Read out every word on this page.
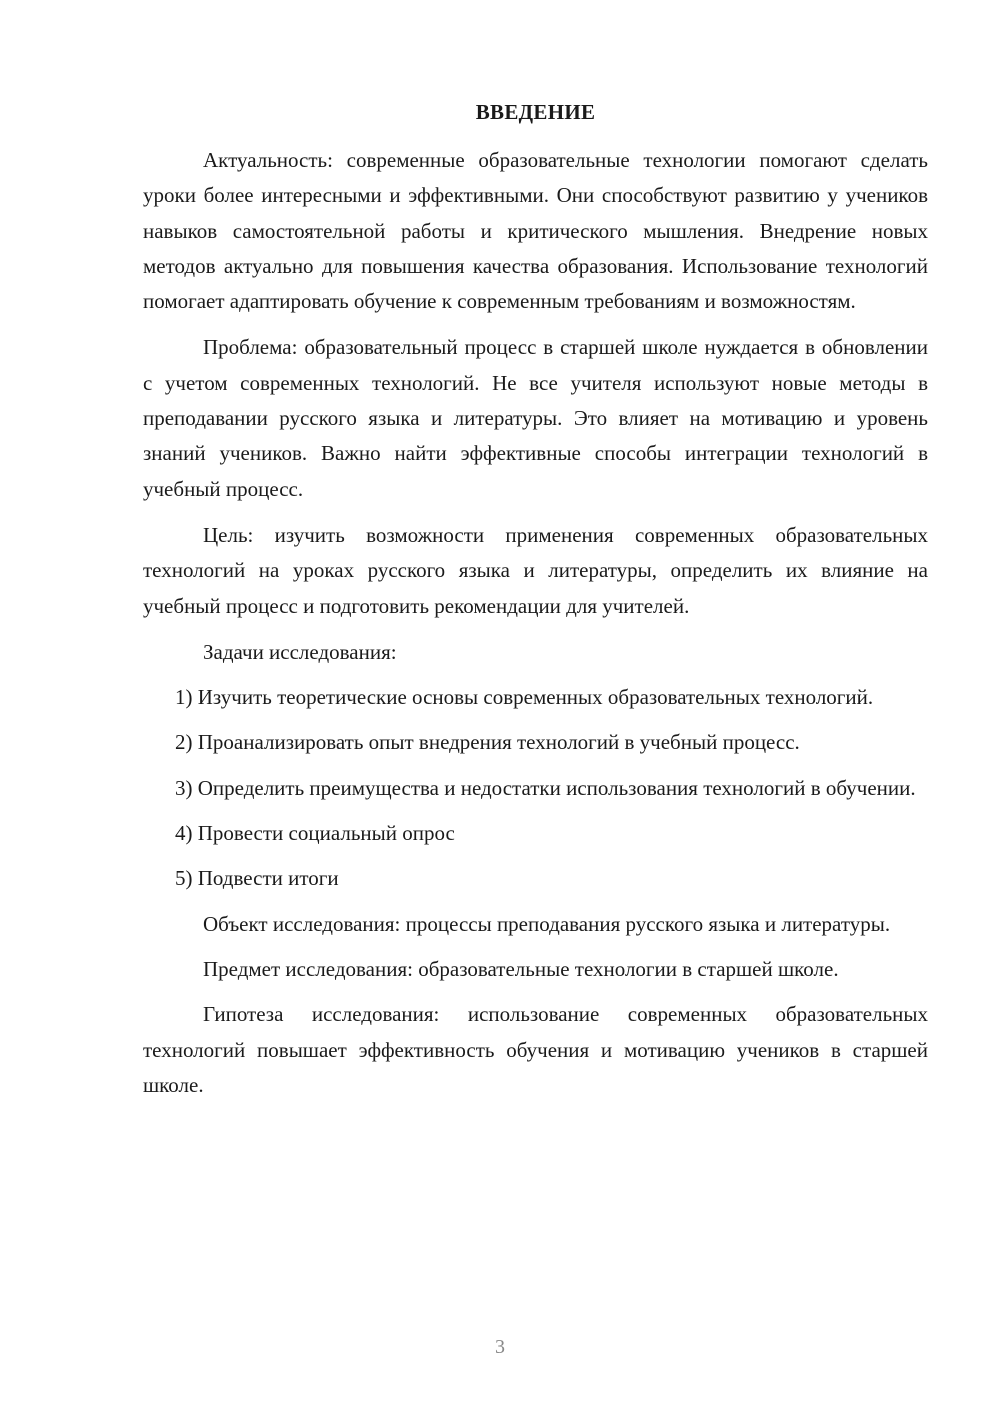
ВВЕДЕНИЕ

Актуальность: современные образовательные технологии помогают сделать уроки более интересными и эффективными. Они способствуют развитию у учеников навыков самостоятельной работы и критического мышления. Внедрение новых методов актуально для повышения качества образования. Использование технологий помогает адаптировать обучение к современным требованиям и возможностям.

Проблема: образовательный процесс в старшей школе нуждается в обновлении с учетом современных технологий. Не все учителя используют новые методы в преподавании русского языка и литературы. Это влияет на мотивацию и уровень знаний учеников. Важно найти эффективные способы интеграции технологий в учебный процесс.

Цель: изучить возможности применения современных образовательных технологий на уроках русского языка и литературы, определить их влияние на учебный процесс и подготовить рекомендации для учителей.

Задачи исследования:

1) Изучить теоретические основы современных образовательных технологий.

2) Проанализировать опыт внедрения технологий в учебный процесс.

3) Определить преимущества и недостатки использования технологий в обучении.

4) Провести социальный опрос

5) Подвести итоги

Объект исследования: процессы преподавания русского языка и литературы.

Предмет исследования: образовательные технологии в старшей школе.

Гипотеза исследования: использование современных образовательных технологий повышает эффективность обучения и мотивацию учеников в старшей школе.

3
